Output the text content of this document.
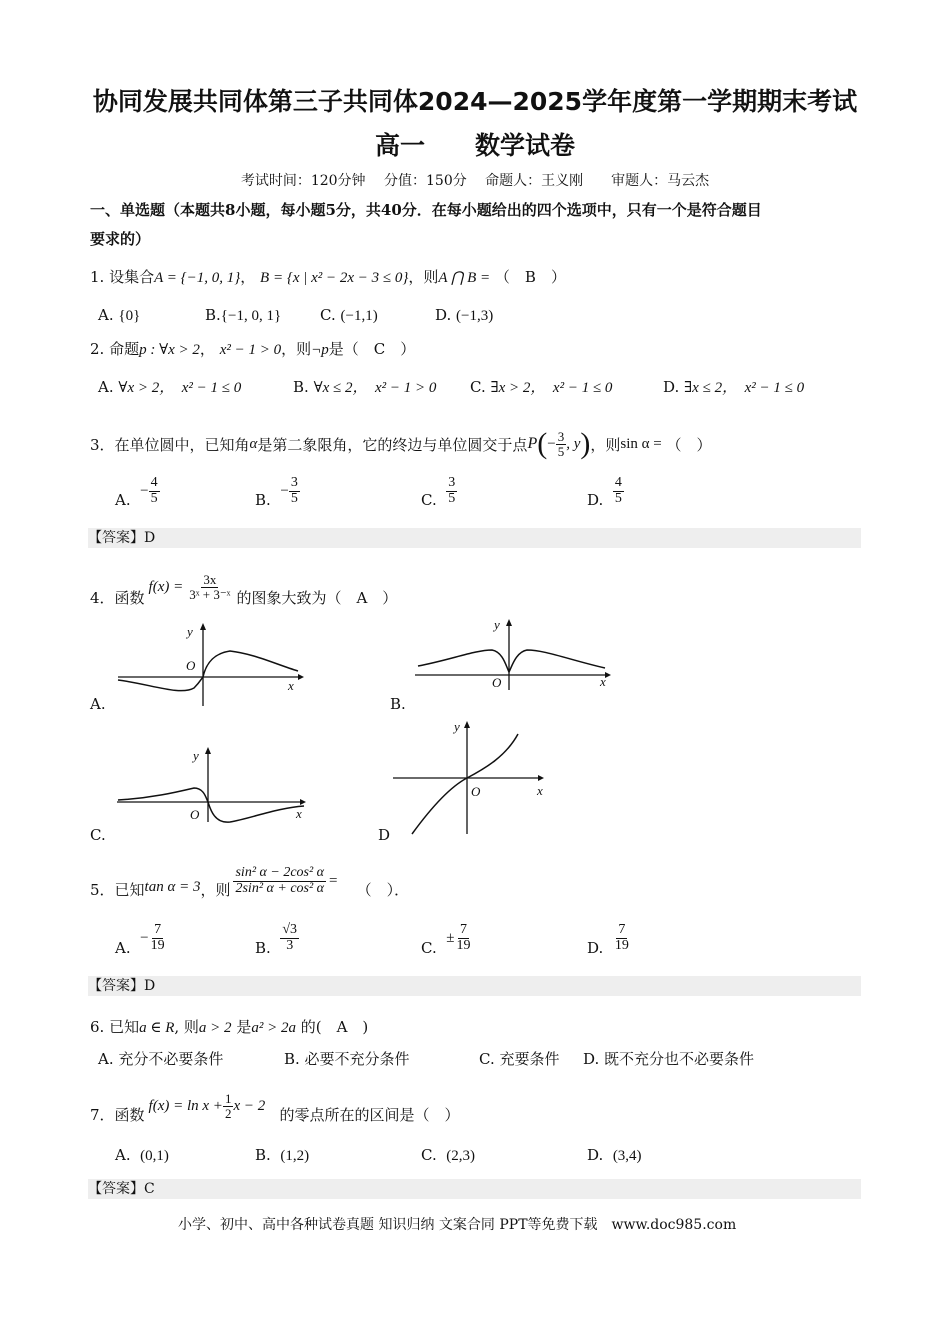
协同发展共同体第三子共同体2024—2025学年度第一学期期末考试
高一　　数学试卷
考试时间：120分钟　 分值：150分　 命题人：王义刚　　审题人：马云杰
一、单选题（本题共8小题，每小题5分，共40分．在每小题给出的四个选项中，只有一个是符合题目
要求的）
1. 设集合A = {−1, 0, 1}， B = {x | x² − 2x − 3 ≤ 0}，则A ⋂ B = （　B　）
A. {0}	B.{−1, 0, 1}	C. (−1,1)	D. (−1,3)
2. 命题p : ∀x > 2， x² − 1 > 0，则¬p是（　C　）
A. ∀x > 2，　x² − 1 ≤ 0	B. ∀x ≤ 2，　x² − 1 > 0 C. ∃x > 2，　x² − 1 ≤ 0	D. ∃x ≤ 2，　x² − 1 ≤ 0
3．在单位圆中，已知角 α 是第二象限角，它的终边与单位圆交于点 P ( − $\frac{3}{5}$ , y ) ，则 sin α =
（　）
A.

− $\frac{4}{5}$	B.

− $\frac{3}{5}$	C.

3
5	D.

4
5
【答案】D
4．函数
$f(x) = \frac{3x}{\text{3ˣ + 3⁻ˣ}}$ 的图象大致为（　A　）
y
O
x
A.
y
O	x
B.
y
O	x
C.
y
O	x
D
5．已知 tan α = 3 ，则 $\frac{\text{sin² α − 2cos² α}}{\text{2sin² α + cos² α}}$ =
（　）．
A.

− $\frac{7}{19}$	B.

√3
3	C.

± $\frac{7}{19}$	D.

7
19
【答案】D
6. 已知a ∈ R, 则a > 2 是a² > 2a 的(　A　)
A. 充分不必要条件	B. 必要不充分条件	C. 充要条件 D. 既不充分也不必要条件
7．函数 $f(x) = \ln x + \frac{1}{2}$ x − 2
的零点所在的区间是（　）
A. (0,1)	B. (1,2)	C. (2,3)	D. (3,4)
【答案】C
小学、初中、高中各种试卷真题 知识归纳 文案合同 PPT等免费下载　www.doc985.com
